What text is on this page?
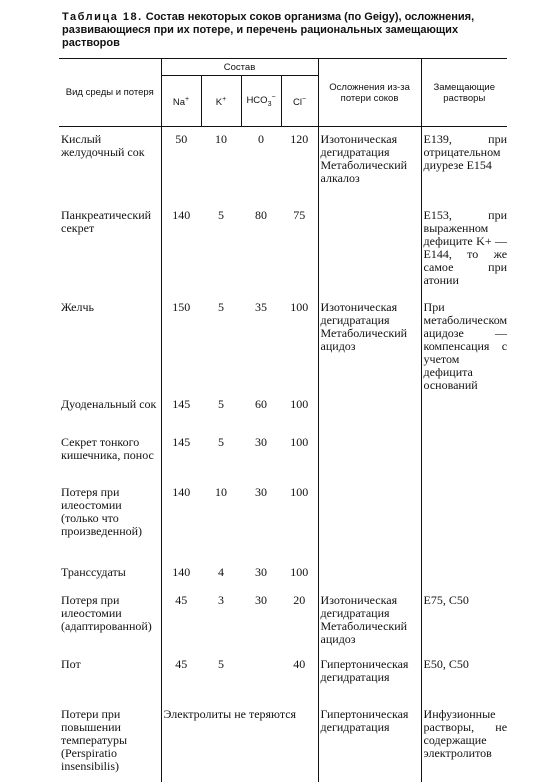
Таблица 18. Состав некоторых соков организма (по Geigy), осложнения, развивающиеся при их потере, и перечень рациональных замещающих растворов
Вид среды и потеря	Состав				Осложнения из-за потери соков	Замещающие растворы
	Na+	K+	$HCO_3^-$	Cl−
Кислый желудочный сок	50	10	0	120	Изотоническая дегидратация Метаболический алкалоз	E139, при отрицательном диурезе E154
Панкреатический секрет	140	5	80	75		E153, при выраженном дефиците K+ — E144, то же самое при атонии
Желчь	150	5	35	100	Изотоническая дегидратация Метаболический ацидоз	При метаболическом ацидозе — компенсация с учетом дефицита оснований
Дуоденальный сок	145	5	60	100		
Секрет тонкого кишечника, понос	145	5	30	100		
Потеря при илеостомии (только что произведенной)	140	10	30	100		
Транссудаты	140	4	30	100		
Потеря при илеостомии (адаптированной)	45	3	30	20	Изотоническая дегидратация Метаболический ацидоз	E75, C50
Пот	45	5		40	Гипертоническая дегидратация	E50, C50
Потери при повышении температуры (Perspiratio insensibilis)	Электролиты не теряются				Гипертоническая дегидратация	Инфузионные растворы, не содержащие электролитов
